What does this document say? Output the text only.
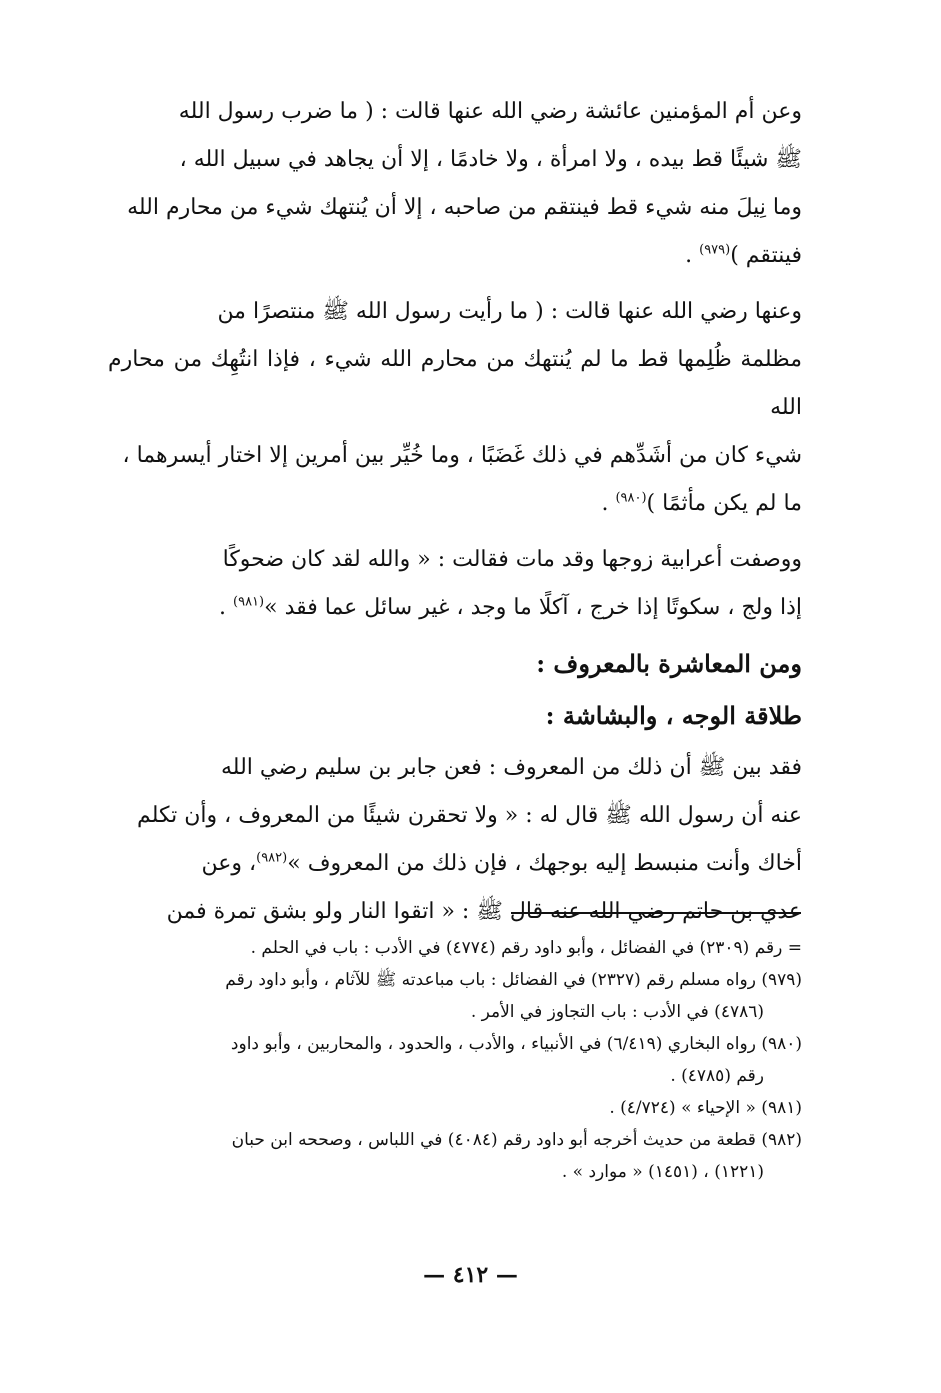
وعن أم المؤمنين عائشة رضي الله عنها قالت : ( ما ضرب رسول الله
ﷺ شيئًا قط بيده ، ولا امرأة ، ولا خادمًا ، إلا أن يجاهد في سبيل الله ،
وما نِيلَ منه شيء قط فينتقم من صاحبه ، إلا أن يُنتهك شيء من محارم الله
فينتقم )$^{(٩٧٩)}$ .

وعنها رضي الله عنها قالت : ( ما رأيت رسول الله ﷺ منتصرًا من
مظلمة ظُلِمها قط ما لم يُنتهك من محارم الله شيء ، فإذا انتُهِك من محارم الله
شيء كان من أشَدِّهم في ذلك غَضَبًا ، وما خُيِّر بين أمرين إلا اختار أيسرهما ،
ما لم يكن مأثمًا )$^{(٩٨٠)}$ .

ووصفت أعرابية زوجها وقد مات فقالت : « والله لقد كان ضحوكًا
إذا ولج ، سكوتًا إذا خرج ، آكلًا ما وجد ، غير سائل عما فقد »$^{(٩٨١)}$ .

ومن المعاشرة بالمعروف :
طلاقة الوجه ، والبشاشة :

فقد بين ﷺ أن ذلك من المعروف : فعن جابر بن سليم رضي الله
عنه أن رسول الله ﷺ قال له : « ولا تحقرن شيئًا من المعروف ، وأن تكلم
أخاك وأنت منبسط إليه بوجهك ، فإن ذلك من المعروف »$^{(٩٨٢)}$، وعن
عدي بن حاتم رضي الله عنه قال ﷺ : « اتقوا النار ولو بشق تمرة فمن

= رقم (٢٣٠٩) في الفضائل ، وأبو داود رقم (٤٧٧٤) في الأدب : باب في الحلم .
(٩٧٩) رواه مسلم رقم (٢٣٢٧) في الفضائل : باب مباعدته ﷺ للآثام ، وأبو داود رقم
(٤٧٨٦) في الأدب : باب التجاوز في الأمر .
(٩٨٠) رواه البخاري (٦/٤١٩) في الأنبياء ، والأدب ، والحدود ، والمحاربين ، وأبو داود
رقم (٤٧٨٥) .
(٩٨١) « الإحياء » (٤/٧٢٤) .
(٩٨٢) قطعة من حديث أخرجه أبو داود رقم (٤٠٨٤) في اللباس ، وصححه ابن حبان
(١٢٢١) ، (١٤٥١) « موارد » .
— ٤١٢ —
